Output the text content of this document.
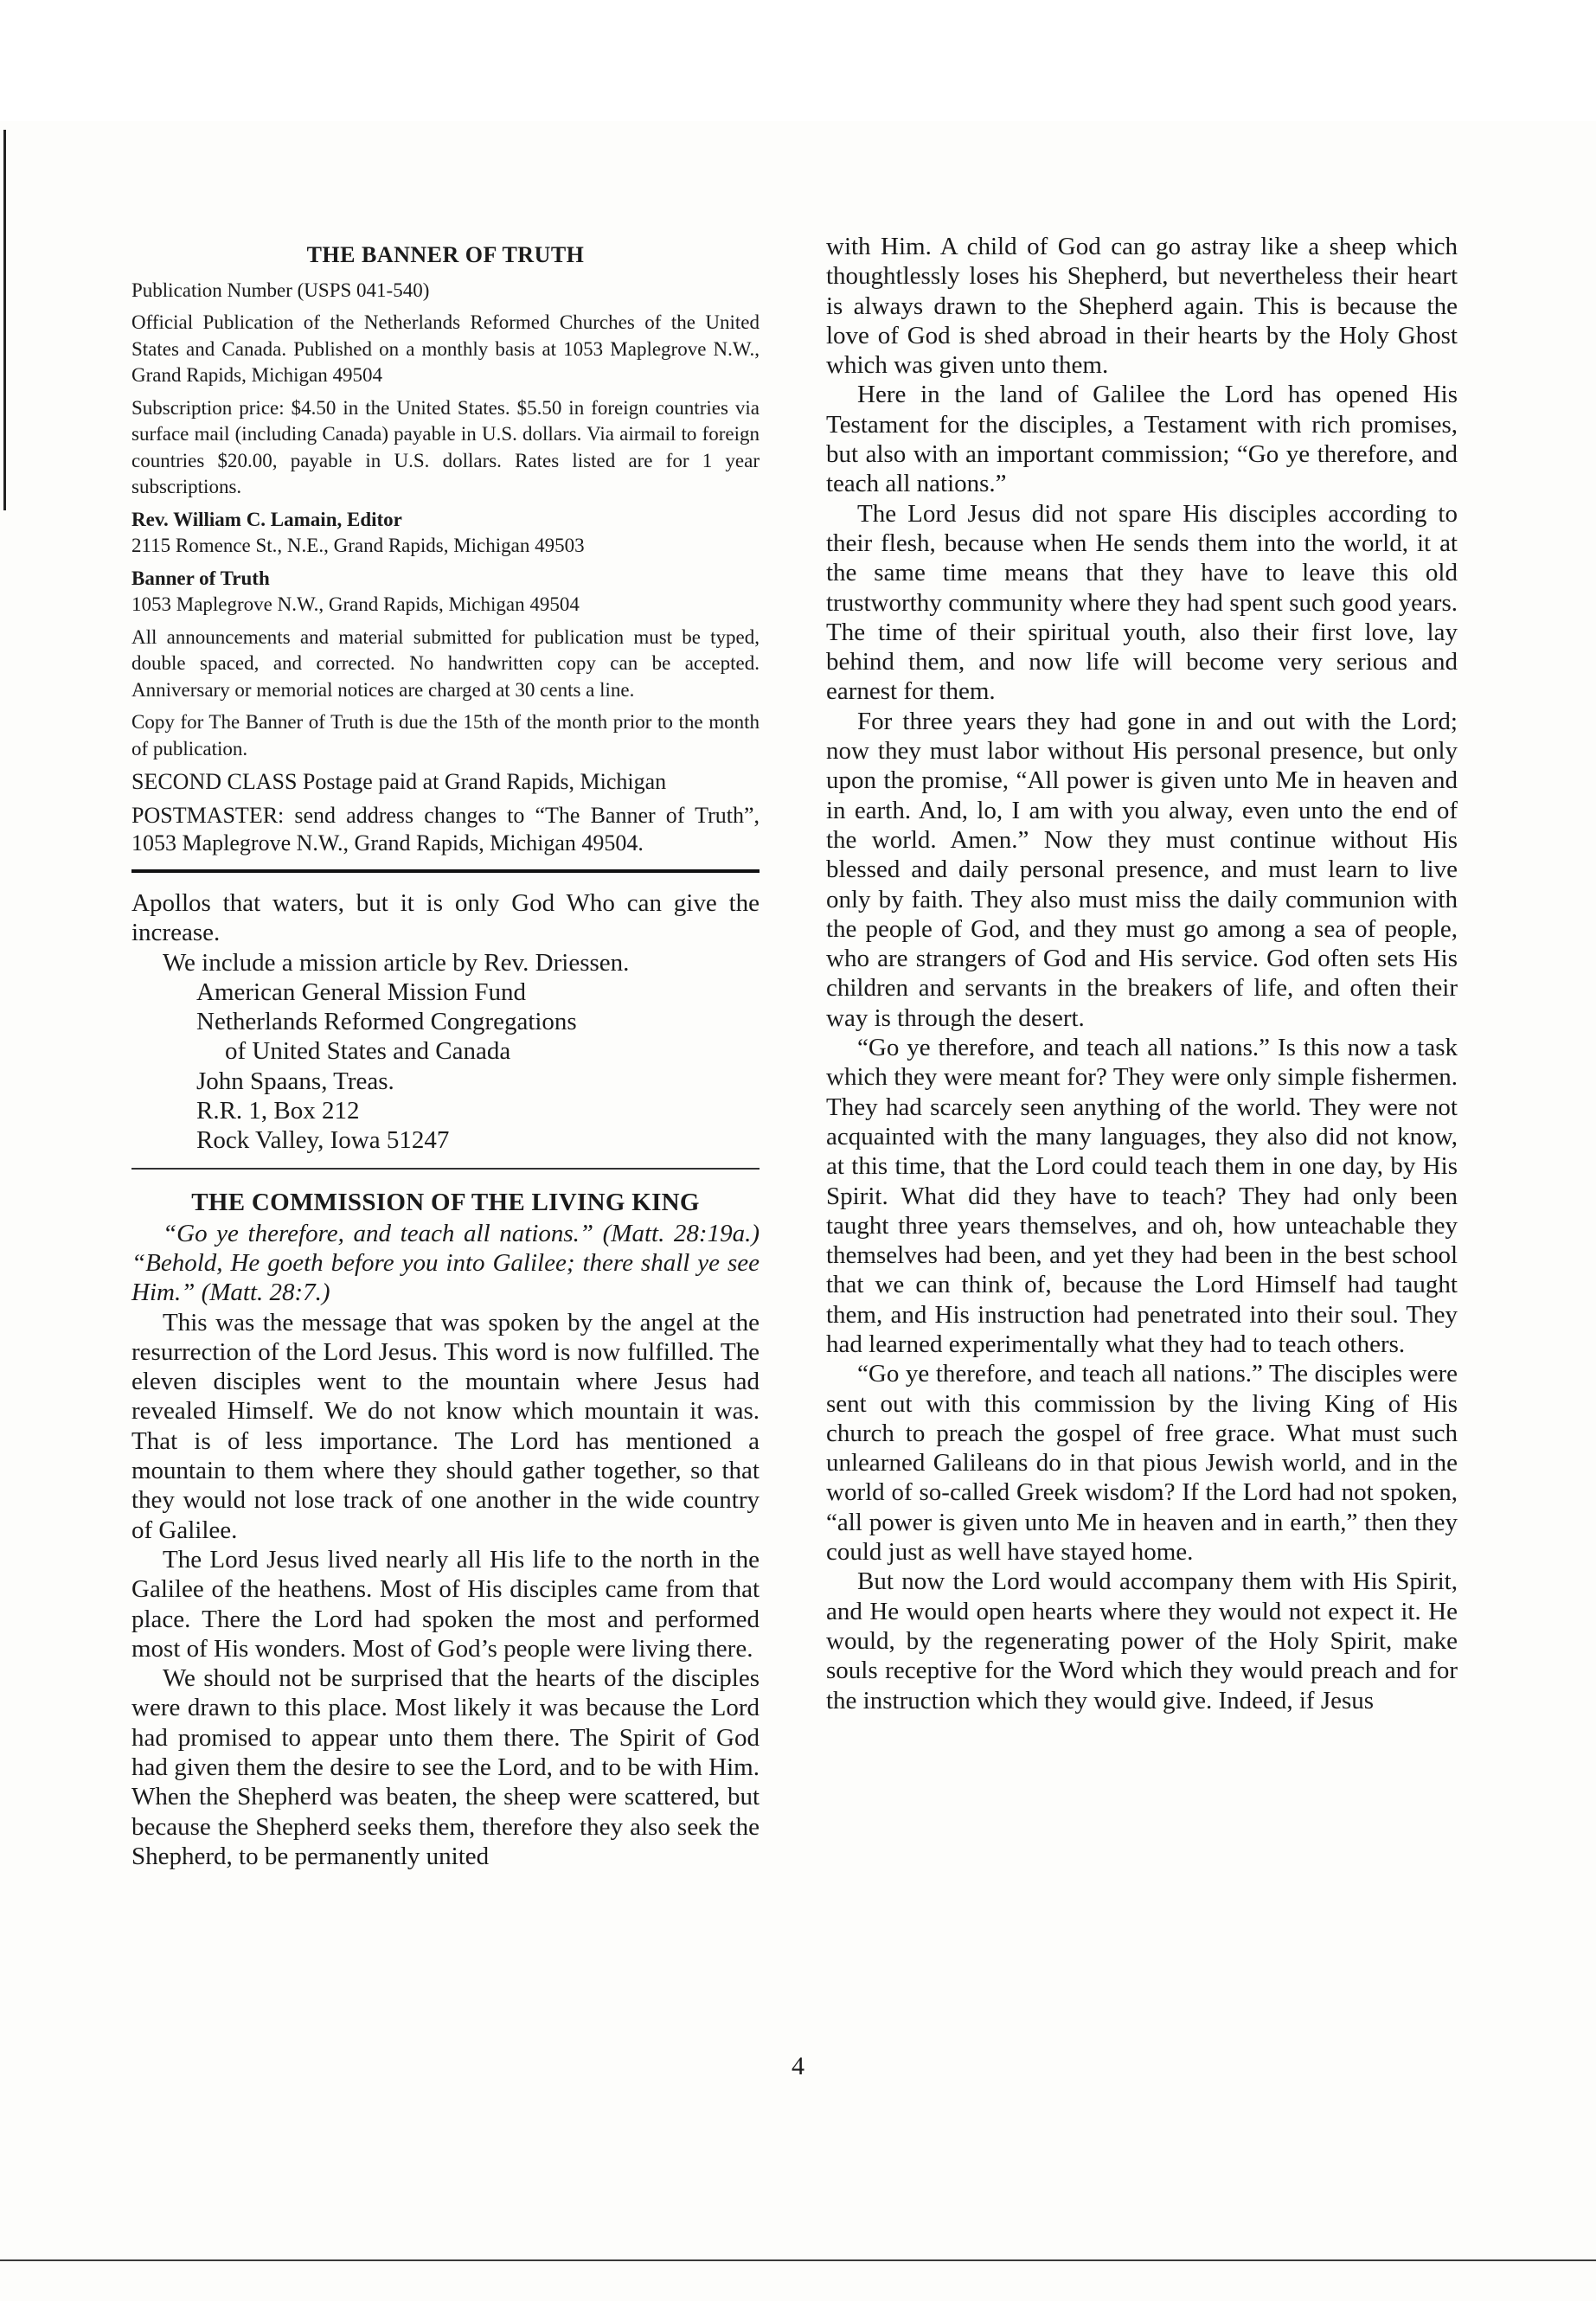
THE BANNER OF TRUTH

Publication Number (USPS 041-540)

Official Publication of the Netherlands Reformed Churches of the United States and Canada. Published on a monthly basis at 1053 Maplegrove N.W., Grand Rapids, Michigan 49504

Subscription price: $4.50 in the United States. $5.50 in foreign countries via surface mail (including Canada) payable in U.S. dollars. Via airmail to foreign countries $20.00, payable in U.S. dollars. Rates listed are for 1 year subscriptions.

Rev. William C. Lamain, Editor

2115 Romence St., N.E., Grand Rapids, Michigan 49503

Banner of Truth

1053 Maplegrove N.W., Grand Rapids, Michigan 49504

All announcements and material submitted for publication must be typed, double spaced, and corrected. No handwritten copy can be accepted. Anniversary or memorial notices are charged at 30 cents a line.

Copy for The Banner of Truth is due the 15th of the month prior to the month of publication.

SECOND CLASS Postage paid at Grand Rapids, Michigan

POSTMASTER: send address changes to “The Banner of Truth”, 1053 Maplegrove N.W., Grand Rapids, Michigan 49504.

Apollos that waters, but it is only God Who can give the increase.

We include a mission article by Rev. Driessen.

American General Mission Fund
Netherlands Reformed Congregations
of United States and Canada
John Spaans, Treas.
R.R. 1, Box 212
Rock Valley, Iowa 51247
THE COMMISSION OF THE LIVING KING

“Go ye therefore, and teach all nations.” (Matt. 28:19a.) “Behold, He goeth before you into Galilee; there shall ye see Him.” (Matt. 28:7.)

This was the message that was spoken by the angel at the resurrection of the Lord Jesus. This word is now fulfilled. The eleven disciples went to the mountain where Jesus had revealed Himself. We do not know which mountain it was. That is of less importance. The Lord has mentioned a mountain to them where they should gather together, so that they would not lose track of one another in the wide country of Galilee.

The Lord Jesus lived nearly all His life to the north in the Galilee of the heathens. Most of His disciples came from that place. There the Lord had spoken the most and performed most of His wonders. Most of God’s people were living there.

We should not be surprised that the hearts of the disciples were drawn to this place. Most likely it was because the Lord had promised to appear unto them there. The Spirit of God had given them the desire to see the Lord, and to be with Him. When the Shepherd was beaten, the sheep were scattered, but because the Shepherd seeks them, therefore they also seek the Shepherd, to be permanently united

with Him. A child of God can go astray like a sheep which thoughtlessly loses his Shepherd, but nevertheless their heart is always drawn to the Shepherd again. This is because the love of God is shed abroad in their hearts by the Holy Ghost which was given unto them.

Here in the land of Galilee the Lord has opened His Testament for the disciples, a Testament with rich promises, but also with an important commission; “Go ye therefore, and teach all nations.”

The Lord Jesus did not spare His disciples according to their flesh, because when He sends them into the world, it at the same time means that they have to leave this old trustworthy community where they had spent such good years. The time of their spiritual youth, also their first love, lay behind them, and now life will become very serious and earnest for them.

For three years they had gone in and out with the Lord; now they must labor without His personal presence, but only upon the promise, “All power is given unto Me in heaven and in earth. And, lo, I am with you alway, even unto the end of the world. Amen.” Now they must continue without His blessed and daily personal presence, and must learn to live only by faith. They also must miss the daily communion with the people of God, and they must go among a sea of people, who are strangers of God and His service. God often sets His children and servants in the breakers of life, and often their way is through the desert.

“Go ye therefore, and teach all nations.” Is this now a task which they were meant for? They were only simple fishermen. They had scarcely seen anything of the world. They were not acquainted with the many languages, they also did not know, at this time, that the Lord could teach them in one day, by His Spirit. What did they have to teach? They had only been taught three years themselves, and oh, how unteachable they themselves had been, and yet they had been in the best school that we can think of, because the Lord Himself had taught them, and His instruction had penetrated into their soul. They had learned experimentally what they had to teach others.

“Go ye therefore, and teach all nations.” The disciples were sent out with this commission by the living King of His church to preach the gospel of free grace. What must such unlearned Galileans do in that pious Jewish world, and in the world of so-called Greek wisdom? If the Lord had not spoken, “all power is given unto Me in heaven and in earth,” then they could just as well have stayed home.

But now the Lord would accompany them with His Spirit, and He would open hearts where they would not expect it. He would, by the regenerating power of the Holy Spirit, make souls receptive for the Word which they would preach and for the instruction which they would give. Indeed, if Jesus

4
